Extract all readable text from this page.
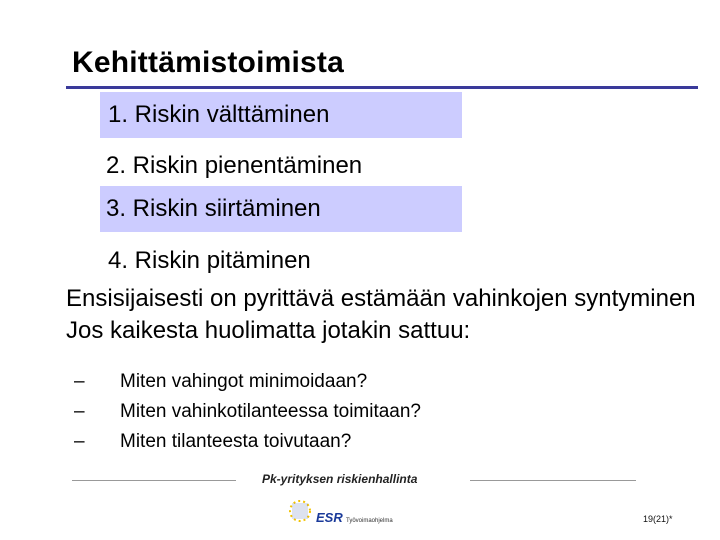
Kehittämistoimista
1. Riskin välttäminen
2. Riskin pienentäminen
3. Riskin siirtäminen
4. Riskin pitäminen

Ensisijaisesti on pyrittävä estämään vahinkojen syntyminen

Jos kaikesta huolimatta jotakin sattuu:

–	Miten vahingot minimoidaan?
–	Miten vahinkotilanteessa toimitaan?
–	Miten tilanteesta toivutaan?
Pk-yrityksen riskienhallinta
ESR Työvoimaohjelma	19(21)*
